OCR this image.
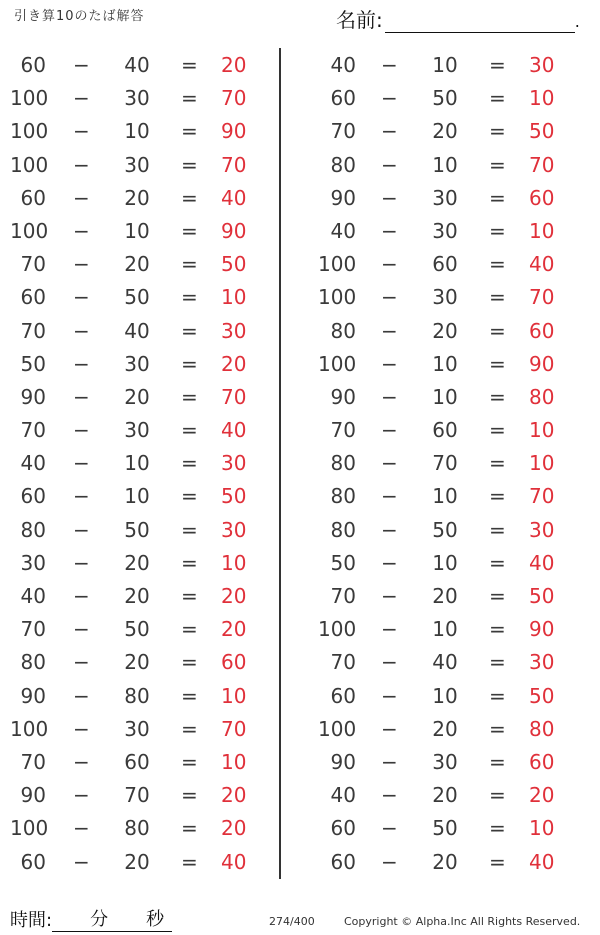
引き算10のたば解答	名前:	.
60 − 40 = 20
100 − 30 = 70
100 − 10 = 90
100 − 30 = 70
60 − 20 = 40
100 − 10 = 90
70 − 20 = 50
60 − 50 = 10
70 − 40 = 30
50 − 30 = 20
90 − 20 = 70
70 − 30 = 40
40 − 10 = 30
60 − 10 = 50
80 − 50 = 30
30 − 20 = 10
40 − 20 = 20
70 − 50 = 20
80 − 20 = 60
90 − 80 = 10
100 − 30 = 70
70 − 60 = 10
90 − 70 = 20
100 − 80 = 20
60 − 20 = 40
40 − 10 = 30
60 − 50 = 10
70 − 20 = 50
80 − 10 = 70
90 − 30 = 60
40 − 30 = 10
100 − 60 = 40
100 − 30 = 70
80 − 20 = 60
100 − 10 = 90
90 − 10 = 80
70 − 60 = 10
80 − 70 = 10
80 − 10 = 70
80 − 50 = 30
50 − 10 = 40
70 − 20 = 50
100 − 10 = 90
70 − 40 = 30
60 − 10 = 50
100 − 20 = 80
90 − 30 = 60
40 − 20 = 20
60 − 50 = 10
60 − 20 = 40
時間: 分 秒	274/400	Copyright © Alpha.Inc All Rights Reserved.
